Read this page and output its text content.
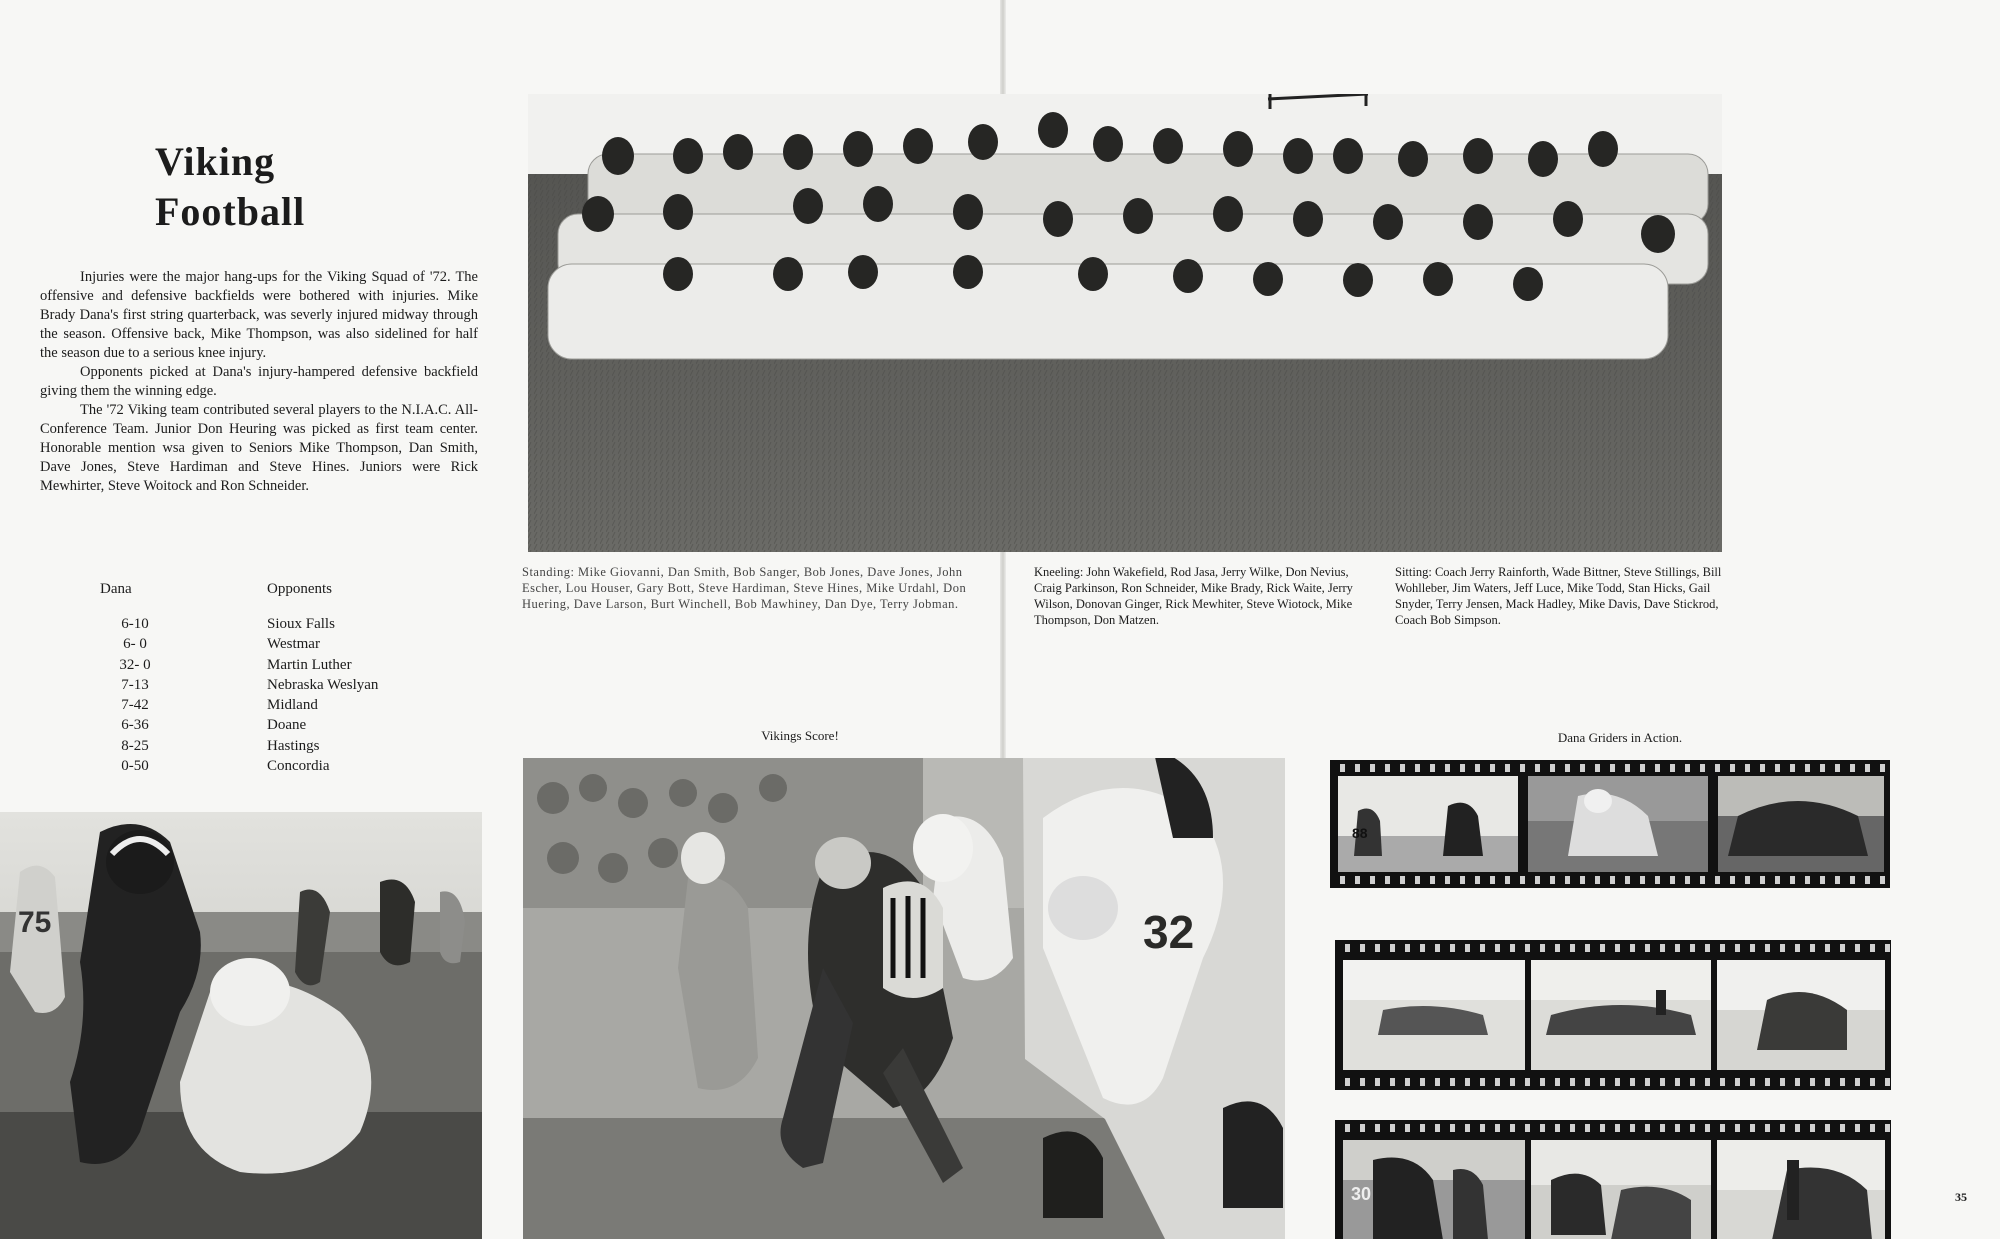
Viking
Football

Injuries were the major hang-ups for the Viking Squad of '72. The offensive and defensive backfields were bothered with injuries. Mike Brady Dana's first string quarterback, was severly injured midway through the season. Offensive back, Mike Thompson, was also sidelined for half the season due to a serious knee injury.

Opponents picked at Dana's injury-hampered defensive backfield giving them the winning edge.

The '72 Viking team contributed several players to the N.I.A.C. All-Conference Team. Junior Don Heuring was picked as first team center. Honorable mention wsa given to Seniors Mike Thompson, Dan Smith, Dave Jones, Steve Hardiman and Steve Hines. Juniors were Rick Mewhirter, Steve Woitock and Ron Schneider.

Dana
6-10
6- 0
32- 0
7-13
7-42
6-36
8-25
0-50
Opponents
Sioux Falls
Westmar
Martin Luther
Nebraska Weslyan
Midland
Doane
Hastings
Concordia
75
Standing: Mike Giovanni, Dan Smith, Bob Sanger, Bob Jones, Dave Jones, John Escher, Lou Houser, Gary Bott, Steve Hardiman, Steve Hines, Mike Urdahl, Don Huering, Dave Larson, Burt Winchell, Bob Mawhiney, Dan Dye, Terry Jobman.
Kneeling: John Wakefield, Rod Jasa, Jerry Wilke, Don Nevius, Craig Parkinson, Ron Schneider, Mike Brady, Rick Waite, Jerry Wilson, Donovan Ginger, Rick Mewhiter, Steve Wiotock, Mike Thompson, Don Matzen.
Sitting: Coach Jerry Rainforth, Wade Bittner, Steve Stillings, Bill Wohlleber, Jim Waters, Jeff Luce, Mike Todd, Stan Hicks, Gail Snyder, Terry Jensen, Mack Hadley, Mike Davis, Dave Stickrod, Coach Bob Simpson.
Vikings Score!	Dana Griders in Action.
32
88
30	35
